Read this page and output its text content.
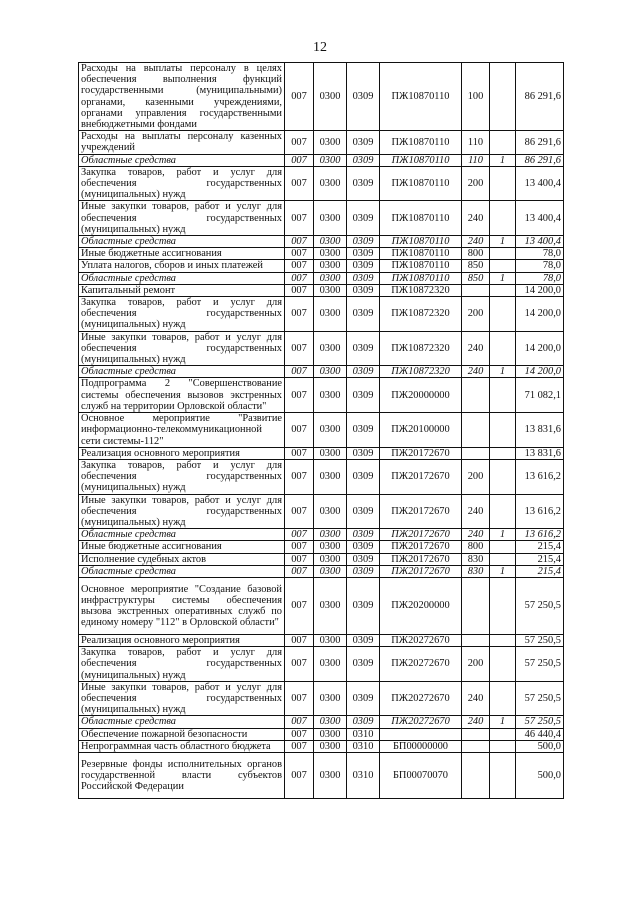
12
Расходы на выплаты персоналу в целях обеспечения выполнения функций государственными (муниципальными) органами, казенными учреждениями, органами управления государственными внебюджетными фондами	007	0300	0309	ПЖ10870110	100		86 291,6
Расходы на выплаты персоналу казенных учреждений	007	0300	0309	ПЖ10870110	110		86 291,6
Областные средства	007	0300	0309	ПЖ10870110	110	1	86 291,6
Закупка товаров, работ и услуг для обеспечения государственных (муниципальных) нужд	007	0300	0309	ПЖ10870110	200		13 400,4
Иные закупки товаров, работ и услуг для обеспечения государственных (муниципальных) нужд	007	0300	0309	ПЖ10870110	240		13 400,4
Областные средства	007	0300	0309	ПЖ10870110	240	1	13 400,4
Иные бюджетные ассигнования	007	0300	0309	ПЖ10870110	800		78,0
Уплата налогов, сборов и иных платежей	007	0300	0309	ПЖ10870110	850		78,0
Областные средства	007	0300	0309	ПЖ10870110	850	1	78,0
Капитальный ремонт	007	0300	0309	ПЖ10872320			14 200,0
Закупка товаров, работ и услуг для обеспечения государственных (муниципальных) нужд	007	0300	0309	ПЖ10872320	200		14 200,0
Иные закупки товаров, работ и услуг для обеспечения государственных (муниципальных) нужд	007	0300	0309	ПЖ10872320	240		14 200,0
Областные средства	007	0300	0309	ПЖ10872320	240	1	14 200,0
Подпрограмма 2 "Совершенствование системы обеспечения вызовов экстренных служб на территории Орловской области"	007	0300	0309	ПЖ20000000			71 082,1
Основное мероприятие "Развитие информационно-телекоммуникационной сети системы-112"	007	0300	0309	ПЖ20100000			13 831,6
Реализация основного мероприятия	007	0300	0309	ПЖ20172670			13 831,6
Закупка товаров, работ и услуг для обеспечения государственных (муниципальных) нужд	007	0300	0309	ПЖ20172670	200		13 616,2
Иные закупки товаров, работ и услуг для обеспечения государственных (муниципальных) нужд	007	0300	0309	ПЖ20172670	240		13 616,2
Областные средства	007	0300	0309	ПЖ20172670	240	1	13 616,2
Иные бюджетные ассигнования	007	0300	0309	ПЖ20172670	800		215,4
Исполнение судебных актов	007	0300	0309	ПЖ20172670	830		215,4
Областные средства	007	0300	0309	ПЖ20172670	830	1	215,4
Основное мероприятие "Создание базовой инфраструктуры системы обеспечения вызова экстренных оперативных служб по единому номеру "112" в Орловской области"	007	0300	0309	ПЖ20200000			57 250,5
Реализация основного мероприятия	007	0300	0309	ПЖ20272670			57 250,5
Закупка товаров, работ и услуг для обеспечения государственных (муниципальных) нужд	007	0300	0309	ПЖ20272670	200		57 250,5
Иные закупки товаров, работ и услуг для обеспечения государственных (муниципальных) нужд	007	0300	0309	ПЖ20272670	240		57 250,5
Областные средства	007	0300	0309	ПЖ20272670	240	1	57 250,5
Обеспечение пожарной безопасности	007	0300	0310				46 440,4
Непрограммная часть областного бюджета	007	0300	0310	БП00000000			500,0
Резервные фонды исполнительных органов государственной власти субъектов Российской Федерации	007	0300	0310	БП00070070			500,0
